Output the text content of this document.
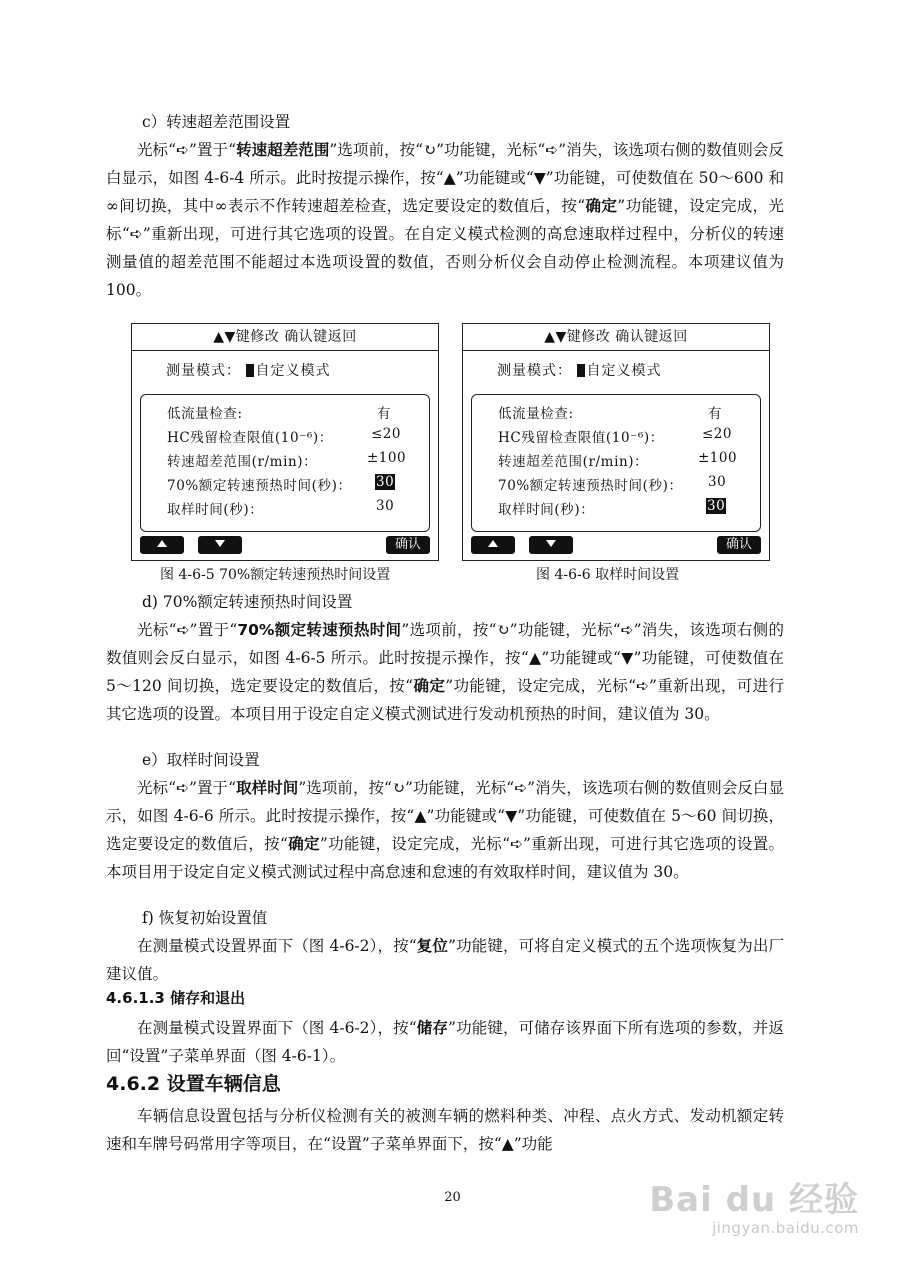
c）转速超差范围设置

光标“➪”置于“转速超差范围”选项前，按“↻”功能键，光标“➪”消失，该选项右侧的数值则会反白显示，如图 4-6-4 所示。此时按提示操作，按“▲”功能键或“▼”功能键，可使数值在 50～600 和∞间切换，其中∞表示不作转速超差检查，选定要设定的数值后，按“确定”功能键，设定完成，光标“➪”重新出现，可进行其它选项的设置。在自定义模式检测的高怠速取样过程中，分析仪的转速测量值的超差范围不能超过本选项设置的数值，否则分析仪会自动停止检测流程。本项建议值为 100。

▲▼键修改 确认键返回
测量模式： 自定义模式
低流量检查:	有
HC残留检查限值(10⁻⁶)：	≤20
转速超差范围(r/min)：	±100
70%额定转速预热时间(秒)： 30
取样时间(秒)：	30
确认
图 4-6-5 70%额定转速预热时间设置
▲▼键修改 确认键返回
测量模式： 自定义模式
低流量检查:	有
HC残留检查限值(10⁻⁶)：	≤20
转速超差范围(r/min)：	±100
70%额定转速预热时间(秒)： 30
取样时间(秒)：	30
确认
图 4-6-6 取样时间设置
d) 70%额定转速预热时间设置

光标“➪”置于“70%额定转速预热时间”选项前，按“↻”功能键，光标“➪”消失，该选项右侧的数值则会反白显示，如图 4-6-5 所示。此时按提示操作，按“▲”功能键或“▼”功能键，可使数值在 5～120 间切换，选定要设定的数值后，按“确定”功能键，设定完成，光标“➪”重新出现，可进行其它选项的设置。本项目用于设定自定义模式测试进行发动机预热的时间，建议值为 30。

e）取样时间设置

光标“➪”置于“取样时间”选项前，按“↻”功能键，光标“➪”消失，该选项右侧的数值则会反白显示，如图 4-6-6 所示。此时按提示操作，按“▲”功能键或“▼”功能键，可使数值在 5～60 间切换，选定要设定的数值后，按“确定”功能键，设定完成，光标“➪”重新出现，可进行其它选项的设置。本项目用于设定自定义模式测试过程中高怠速和怠速的有效取样时间，建议值为 30。

f) 恢复初始设置值

在测量模式设置界面下（图 4-6-2），按“复位”功能键，可将自定义模式的五个选项恢复为出厂建议值。

4.6.1.3 储存和退出

在测量模式设置界面下（图 4-6-2），按“储存”功能键，可储存该界面下所有选项的参数，并返回“设置”子菜单界面（图 4-6-1）。

4.6.2 设置车辆信息

车辆信息设置包括与分析仪检测有关的被测车辆的燃料种类、冲程、点火方式、发动机额定转速和车牌号码常用字等项目，在“设置”子菜单界面下，按“▲”功能

20	Bai du 经验
jingyan.baidu.com
